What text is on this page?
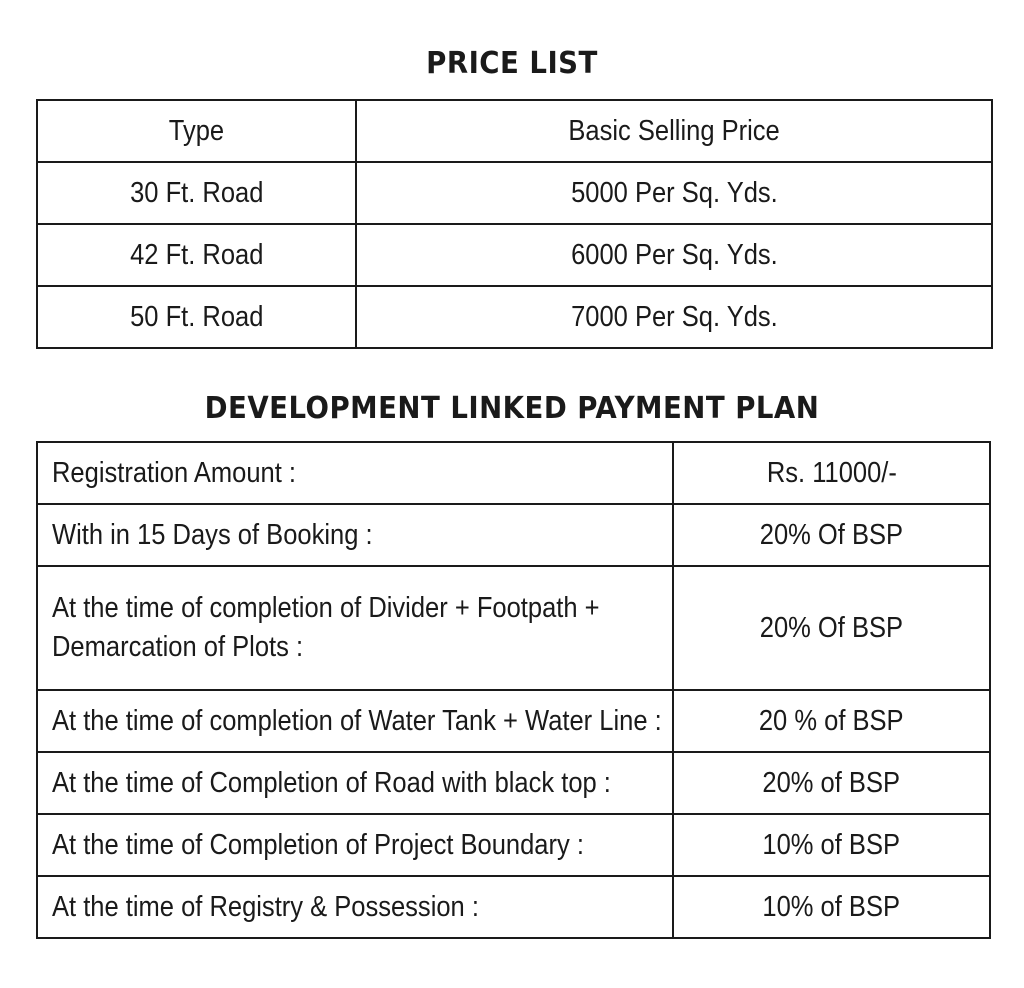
PRICE LIST
Type	Basic Selling Price
30 Ft. Road	5000 Per Sq. Yds.
42 Ft. Road	6000 Per Sq. Yds.
50 Ft. Road	7000 Per Sq. Yds.
DEVELOPMENT LINKED PAYMENT PLAN
Registration Amount :	Rs. 11000/-
With in 15 Days of Booking :	20% Of BSP
At the time of completion of Divider + Footpath +
Demarcation of Plots :	20% Of BSP
At the time of completion of Water Tank + Water Line :	20 % of BSP
At the time of Completion of Road with black top :	20% of BSP
At the time of Completion of Project Boundary :	10% of BSP
At the time of Registry & Possession :	10% of BSP
